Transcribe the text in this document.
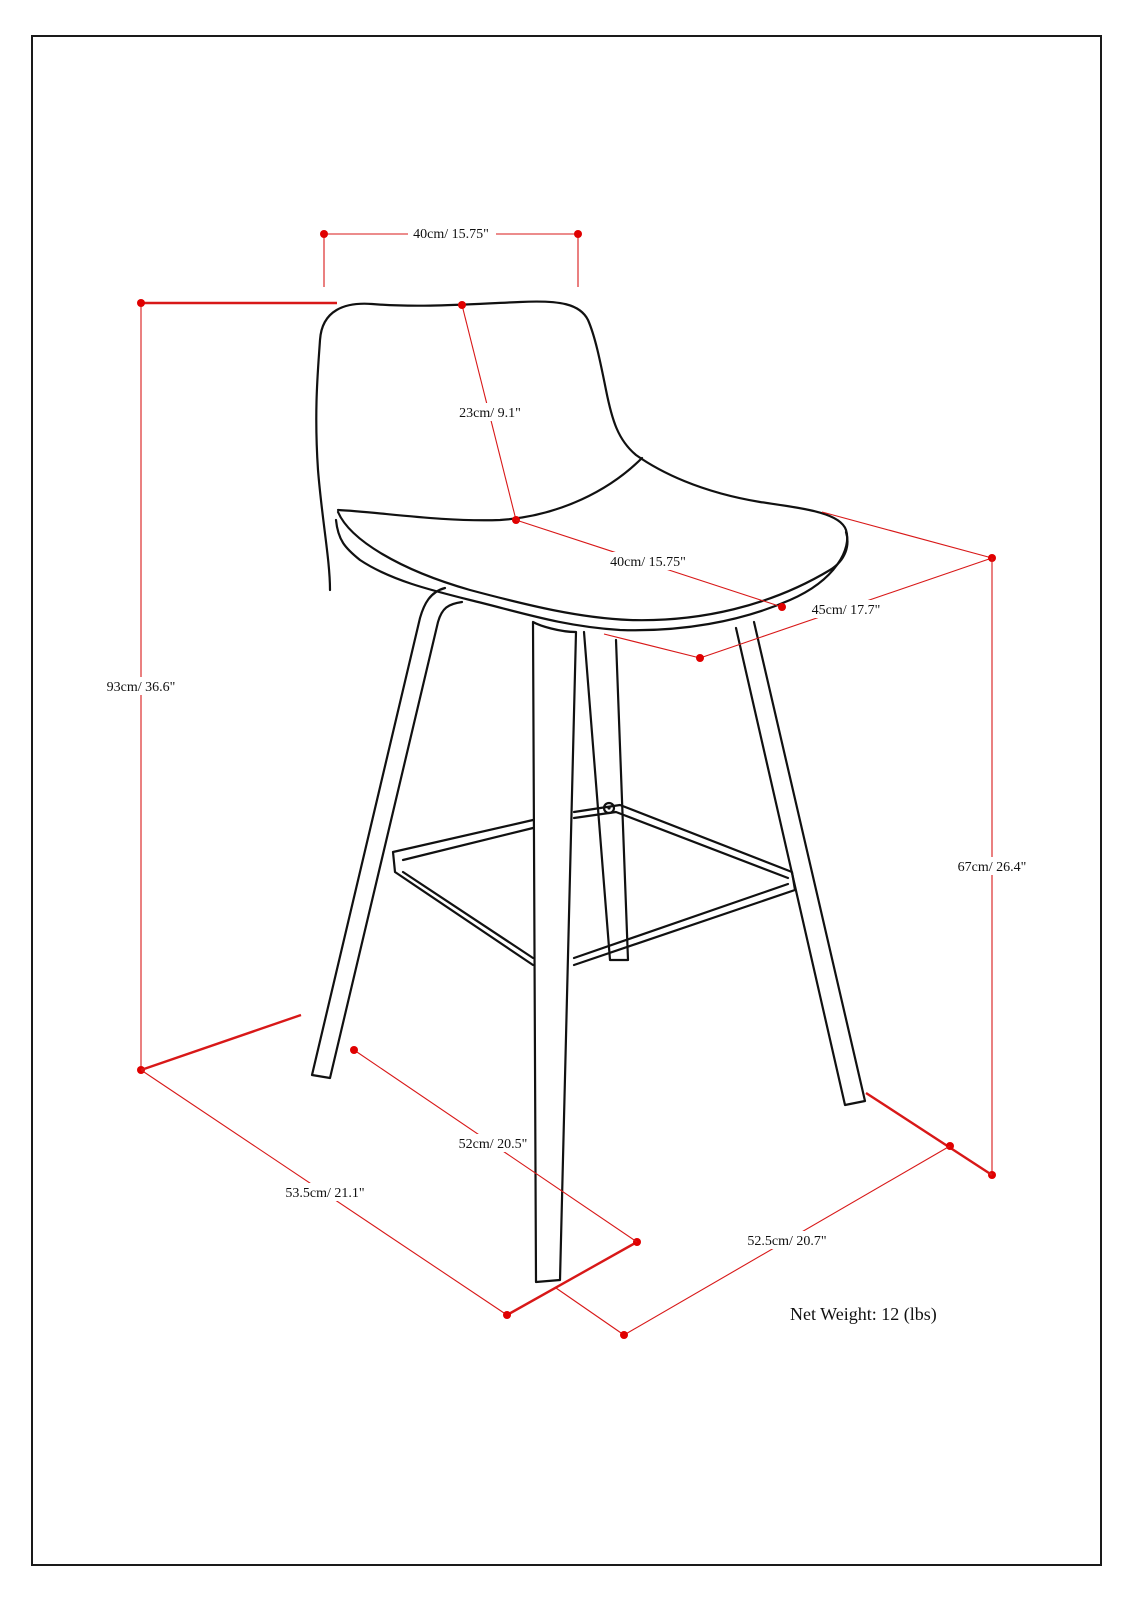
40cm/ 15.75"
23cm/ 9.1"
40cm/ 15.75"
45cm/ 17.7"
93cm/ 36.6"
67cm/ 26.4"
52cm/ 20.5"
53.5cm/ 21.1"
52.5cm/ 20.7"
Net Weight: 12 (lbs)
